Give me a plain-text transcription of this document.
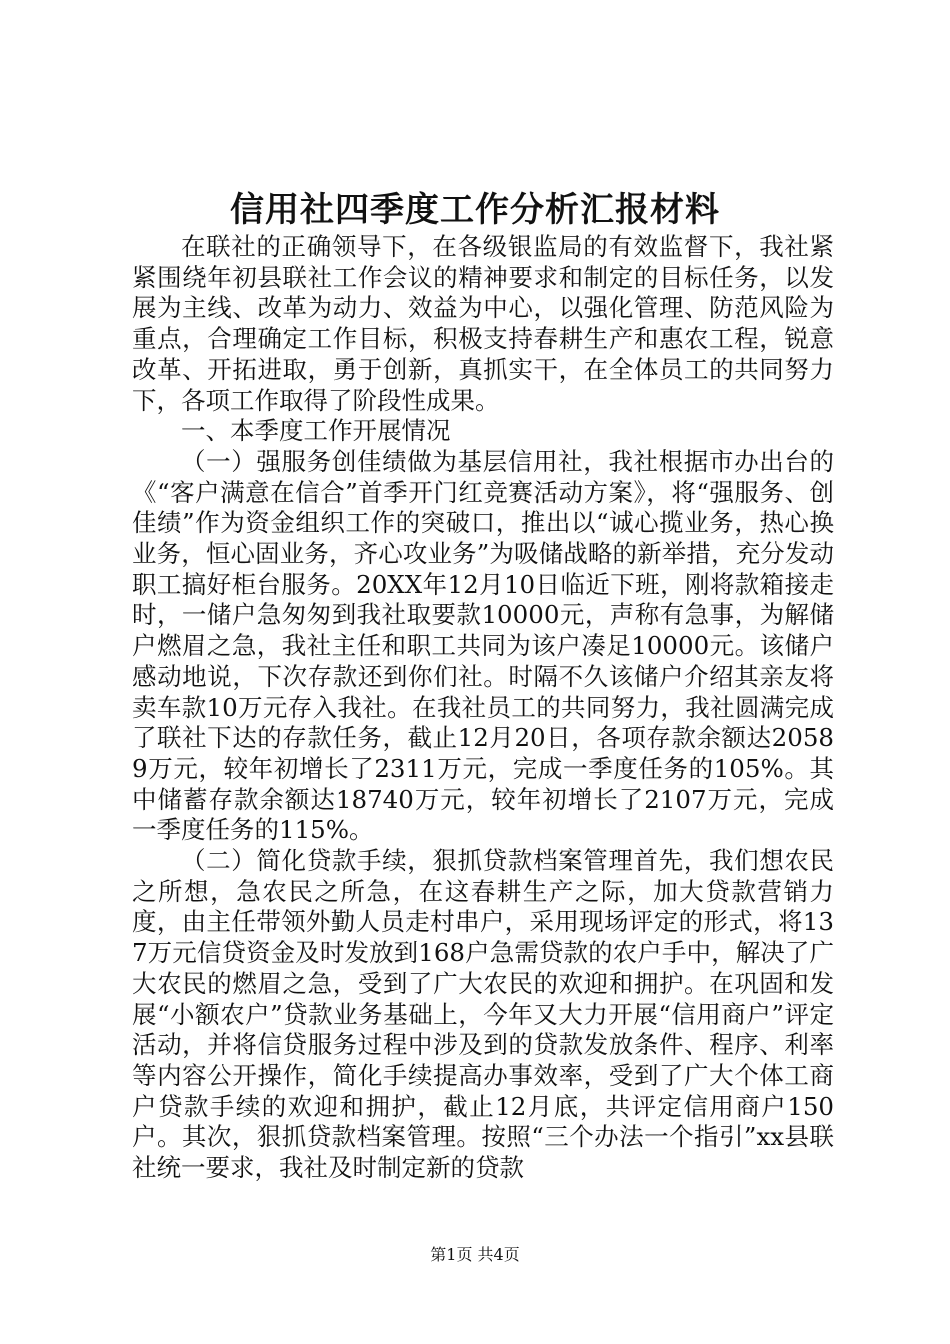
信用社四季度工作分析汇报材料

在联社的正确领导下，在各级银监局的有效监督下，我社紧紧围绕年初县联社工作会议的精神要求和制定的目标任务，以发展为主线、改革为动力、效益为中心，以强化管理、防范风险为重点，合理确定工作目标，积极支持春耕生产和惠农工程，锐意改革、开拓进取，勇于创新，真抓实干，在全体员工的共同努力下，各项工作取得了阶段性成果。

一、本季度工作开展情况

（一）强服务创佳绩做为基层信用社，我社根据市办出台的《“客户满意在信合”首季开门红竞赛活动方案》，将“强服务、创佳绩”作为资金组织工作的突破口，推出以“诚心揽业务，热心换业务，恒心固业务，齐心攻业务”为吸储战略的新举措，充分发动职工搞好柜台服务。20XX年12月10日临近下班，刚将款箱接走时，一储户急匆匆到我社取要款10000元，声称有急事，为解储户燃眉之急，我社主任和职工共同为该户凑足10000元。该储户感动地说，下次存款还到你们社。时隔不久该储户介绍其亲友将卖车款10万元存入我社。在我社员工的共同努力，我社圆满完成了联社下达的存款任务，截止12月20日，各项存款余额达20589万元，较年初增长了2311万元，完成一季度任务的105%。其中储蓄存款余额达18740万元，较年初增长了2107万元，完成一季度任务的115%。

（二）简化贷款手续，狠抓贷款档案管理首先，我们想农民之所想，急农民之所急，在这春耕生产之际，加大贷款营销力度，由主任带领外勤人员走村串户，采用现场评定的形式，将137万元信贷资金及时发放到168户急需贷款的农户手中，解决了广大农民的燃眉之急，受到了广大农民的欢迎和拥护。在巩固和发展“小额农户”贷款业务基础上，今年又大力开展“信用商户”评定活动，并将信贷服务过程中涉及到的贷款发放条件、程序、利率等内容公开操作，简化手续提高办事效率，受到了广大个体工商户贷款手续的欢迎和拥护，截止12月底，共评定信用商户150户。其次，狠抓贷款档案管理。按照“三个办法一个指引”xx县联社统一要求，我社及时制定新的贷款

第1页 共4页
